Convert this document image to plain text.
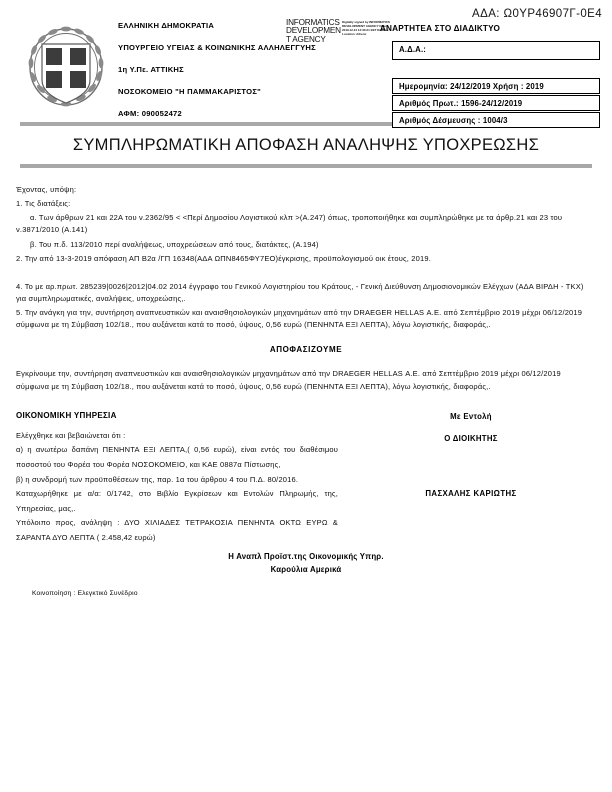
ΕΛΛΗΝΙΚΗ ΔΗΜΟΚΡΑΤΙΑ
ΥΠΟΥΡΓΕΙΟ ΥΓΕΙΑΣ & ΚΟΙΝΩΝΙΚΗΣ ΑΛΛΗΛΕΓΓΥΗΣ
1η Υ.Πε. ΑΤΤΙΚΗΣ
ΝΟΣΟΚΟΜΕΙΟ "Η ΠΑΜΜΑΚΑΡΙΣΤΟΣ"
ΑΦΜ: 090052472
INFORMATICS
DEVELOPMEN
T AGENCY
Digitally signed by INFORMATICS DEVELOPMENT AGENCY Date: 2019.12.24 12:33:21 EET Reason: Location: Athens
ΑΔΑ: Ω0ΥΡ46907Γ-0Ε4
ΑΝΑΡΤΗΤΕΑ ΣΤΟ ΔΙΑΔΙΚΤΥΟ
Α.Δ.Α.:
Ημερομηνία: 24/12/2019 Χρήση : 2019
Αριθμός Πρωτ.: 1596-24/12/2019
Αριθμός Δέσμευσης : 1004/3
ΣΥΜΠΛΗΡΩΜΑΤΙΚΗ ΑΠΟΦΑΣΗ ΑΝΑΛΗΨΗΣ ΥΠΟΧΡΕΩΣΗΣ

Έχοντας, υπόψη:

1. Τις διατάξεις:

α. Των άρθρων 21 και 22Α του ν.2362/95 < <Περί Δημοσίου Λογιστικού κλπ >(Α.247) όπως, τροποποιήθηκε και συμπληρώθηκε με τα άρθρ.21 και 23 του ν.3871/2010 (Α.141)

β. Του π.δ. 113/2010 περί αναλήψεως, υποχρεώσεων από τους, διατάκτες, (Α.194)

2. Την από 13-3-2019 απόφαση ΑΠ Β2α /ΓΠ 16348(ΑΔΑ ΩΠΝ8465ΦΥ7ΕΟ)έγκρισης, προϋπολογισμού οικ έτους, 2019.

4. Το με αρ.πρωτ. 285239|0026|2012|04.02 2014 έγγραφο του Γενικού Λογιστηρίου του Κράτους, - Γενική Διεύθυνση Δημοσιονομικών Ελέγχων (ΑΔΑ ΒΙΡΔΗ - ΤΚΧ) για συμπληρωματικές, αναλήψεις, υποχρεώσης,.

5. Την ανάγκη για την, συντήρηση αναπνευστικών και αναισθησιολογικών μηχανημάτων από την DRAEGER HELLAS Α.Ε. από Σεπτέμβριο 2019 μέχρι 06/12/2019 σύμφωνα με τη Σύμβαση 102/18., που αυξάνεται κατά το ποσό, ύψους, 0,56 ευρώ (ΠΕΝΗΝΤΑ ΕΞΙ ΛΕΠΤΑ), λόγω λογιστικής, διαφοράς,.

ΑΠΟΦΑΣΙΖΟΥΜΕ

Εγκρίνουμε την, συντήρηση αναπνευστικών και αναισθησιολογικών μηχανημάτων από την DRAEGER HELLAS Α.Ε. από Σεπτέμβριο 2019 μέχρι 06/12/2019 σύμφωνα με τη Σύμβαση 102/18., που αυξάνεται κατά το ποσό, ύψους, 0,56 ευρώ (ΠΕΝΗΝΤΑ ΕΞΙ ΛΕΠΤΑ), λόγω λογιστικής, διαφοράς,.

ΟΙΚΟΝΟΜΙΚΗ ΥΠΗΡΕΣΙΑ

Ελέγχθηκε και βεβαιώνεται ότι :

α) η ανωτέρω δαπάνη ΠΕΝΗΝΤΑ ΕΞΙ ΛΕΠΤΑ,( 0,56 ευρώ), είναι εντός του διαθέσιμου ποσοστού του Φορέα του Φορέα ΝΟΣΟΚΟΜΕΙΟ, και ΚΑΕ 0887α Πίστωσης,

β) η συνδρομή των προϋποθέσεων της, παρ. 1α του άρθρου 4 του Π.Δ. 80/2016.

Καταχωρήθηκε με α/α: 0/1742, στο Βιβλίο Εγκρίσεων και Εντολών Πληρωμής, της, Υπηρεσίας, μας,.

Υπόλοιπο προς, ανάληψη : ΔΥΟ ΧΙΛΙΑΔΕΣ ΤΕΤΡΑΚΟΣΙΑ ΠΕΝΗΝΤΑ ΟΚΤΩ ΕΥΡΩ & ΣΑΡΑΝΤΑ ΔΥΟ ΛΕΠΤΑ ( 2.458,42 ευρώ)

Με Εντολή
Ο ΔΙΟΙΚΗΤΗΣ
ΠΑΣΧΑΛΗΣ ΚΑΡΙΩΤΗΣ
Η Αναπλ Προϊστ.της Οικονομικής Υπηρ.
Καρούλια Αμερικά
Κοινοποίηση : Ελεγκτικό Συνέδριο
